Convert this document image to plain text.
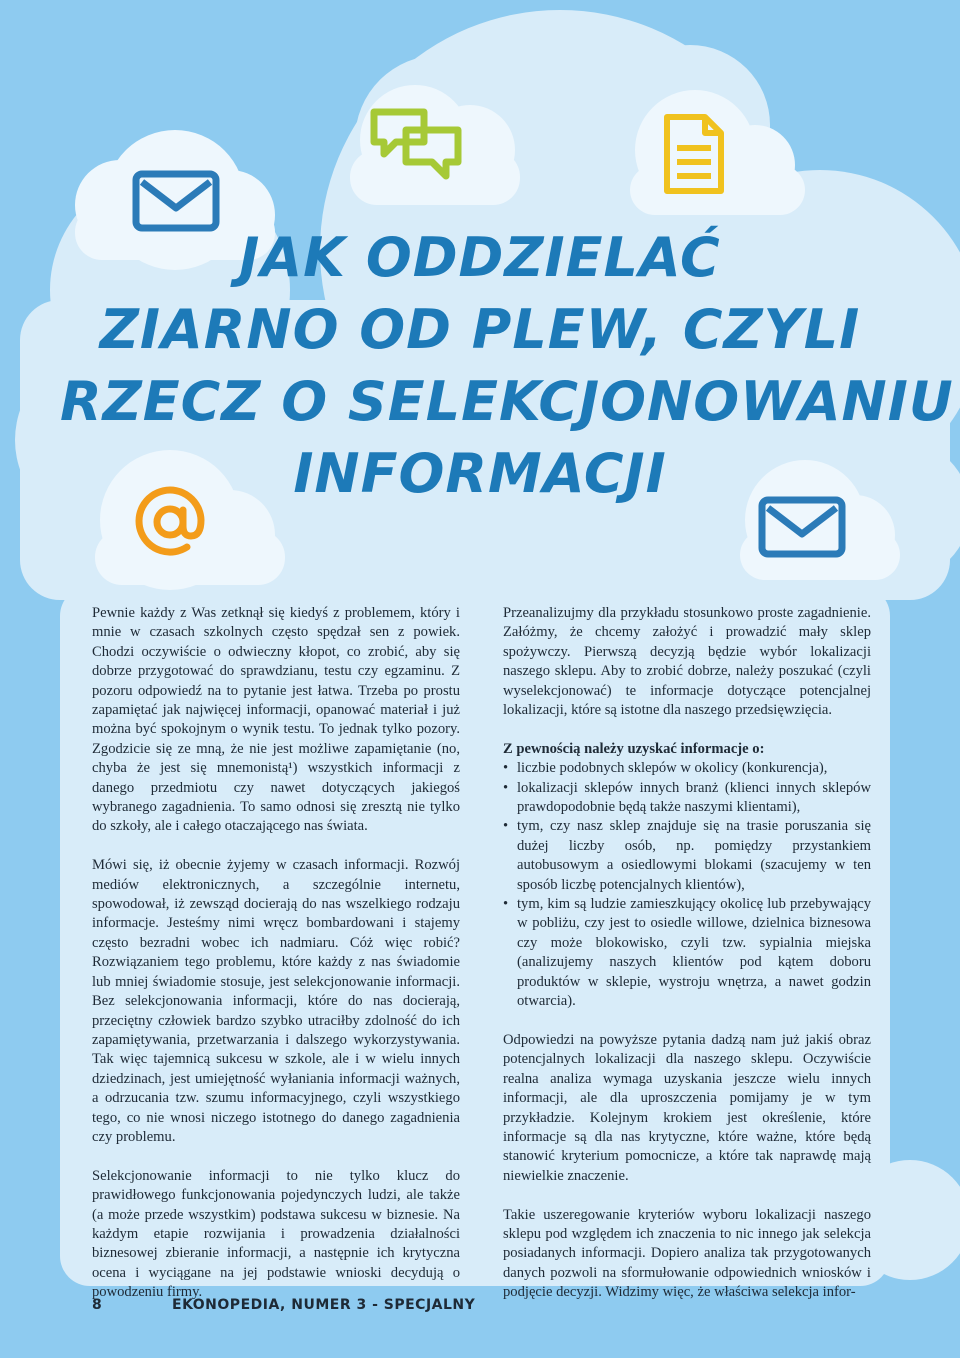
JAK ODDZIELAĆ
ZIARNO OD PLEW, CZYLI
RZECZ O SELEKCJONOWANIU
INFORMACJI

Pewnie każdy z Was zetknął się kiedyś z problemem, który i mnie w czasach szkolnych często spędzał sen z powiek. Chodzi oczywiście o odwieczny kłopot, co zrobić, aby się dobrze przygotować do sprawdzianu, testu czy egzaminu. Z pozoru odpowiedź na to pytanie jest łatwa. Trzeba po prostu zapamiętać jak najwięcej informacji, opanować materiał i już można być spokojnym o wynik testu. To jednak tylko pozory. Zgodzicie się ze mną, że nie jest możliwe zapamiętanie (no, chyba że jest się mnemonistą¹) wszystkich informacji z danego przedmiotu czy nawet dotyczących jakiegoś wybranego zagadnienia. To samo odnosi się zresztą nie tylko do szkoły, ale i całego otaczającego nas świata.

Mówi się, iż obecnie żyjemy w czasach informacji. Rozwój mediów elektronicznych, a szczególnie internetu, spowodował, iż zewsząd docierają do nas wszelkiego rodzaju informacje. Jesteśmy nimi wręcz bombardowani i stajemy często bezradni wobec ich nadmiaru. Cóż więc robić? Rozwiązaniem tego problemu, które każdy z nas świadomie lub mniej świadomie stosuje, jest selekcjonowanie informacji. Bez selekcjonowania informacji, które do nas docierają, przeciętny człowiek bardzo szybko utraciłby zdolność do ich zapamiętywania, przetwarzania i dalszego wykorzystywania. Tak więc tajemnicą sukcesu w szkole, ale i w wielu innych dziedzinach, jest umiejętność wyłaniania informacji ważnych, a odrzucania tzw. szumu informacyjnego, czyli wszystkiego tego, co nie wnosi niczego istotnego do danego zagadnienia czy problemu.

Selekcjonowanie informacji to nie tylko klucz do prawidłowego funkcjonowania pojedynczych ludzi, ale także (a może przede wszystkim) podstawa sukcesu w biznesie. Na każdym etapie rozwijania i prowadzenia działalności biznesowej zbieranie informacji, a następnie ich krytyczna ocena i wyciągane na jej podstawie wnioski decydują o powodzeniu firmy.

Przeanalizujmy dla przykładu stosunkowo proste zagadnienie. Załóżmy, że chcemy założyć i prowadzić mały sklep spożywczy. Pierwszą decyzją będzie wybór lokalizacji naszego sklepu. Aby to zrobić dobrze, należy poszukać (czyli wyselekcjonować) te informacje dotyczące potencjalnej lokalizacji, które są istotne dla naszego przedsięwzięcia.

Z pewnością należy uzyskać informacje o:

• liczbie podobnych sklepów w okolicy (konkurencja),
• lokalizacji sklepów innych branż (klienci innych sklepów prawdopodobnie będą także naszymi klientami),
• tym, czy nasz sklep znajduje się na trasie poruszania się dużej liczby osób, np. pomiędzy przystankiem autobusowym a osiedlowymi blokami (szacujemy w ten sposób liczbę potencjalnych klientów),
• tym, kim są ludzie zamieszkujący okolicę lub przebywający w pobliżu, czy jest to osiedle willowe, dzielnica biznesowa czy może blokowisko, czyli tzw. sypialnia miejska (analizujemy naszych klientów pod kątem doboru produktów w sklepie, wystroju wnętrza, a nawet godzin otwarcia).

Odpowiedzi na powyższe pytania dadzą nam już jakiś obraz potencjalnych lokalizacji dla naszego sklepu. Oczywiście realna analiza wymaga uzyskania jeszcze wielu innych informacji, ale dla uproszczenia pomijamy je w tym przykładzie. Kolejnym krokiem jest określenie, które informacje są dla nas krytyczne, które ważne, które będą stanowić kryterium pomocnicze, a które tak naprawdę mają niewielkie znaczenie.

Takie uszeregowanie kryteriów wyboru lokalizacji naszego sklepu pod względem ich znaczenia to nic innego jak selekcja posiadanych informacji. Dopiero analiza tak przygotowanych danych pozwoli na sformułowanie odpowiednich wniosków i podjęcie decyzji. Widzimy więc, że właściwa selekcja infor-

8	EKONOPEDIA, NUMER 3 - SPECJALNY
